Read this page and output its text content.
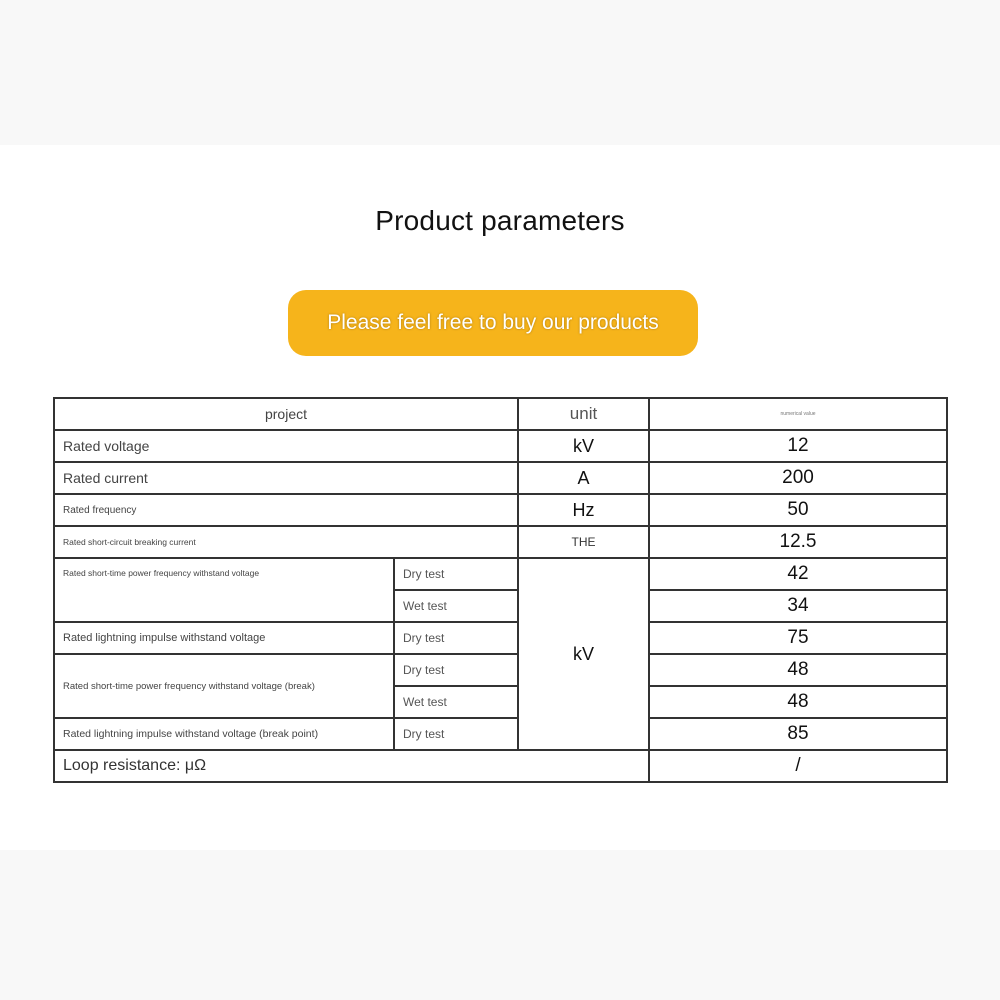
Product parameters
Please feel free to buy our products
project		unit	numerical value
Rated voltage		kV	12
Rated current		A	200
Rated frequency		Hz	50
Rated short-circuit breaking current		THE	12.5
Rated short-time power frequency withstand voltage	Dry test	kV	42
	Wet test		34
Rated lightning impulse withstand voltage	Dry test		75
Rated short-time power frequency withstand voltage (break)	Dry test		48
	Wet test		48
Rated lightning impulse withstand voltage (break point)	Dry test		85
Loop resistance: μΩ			/
